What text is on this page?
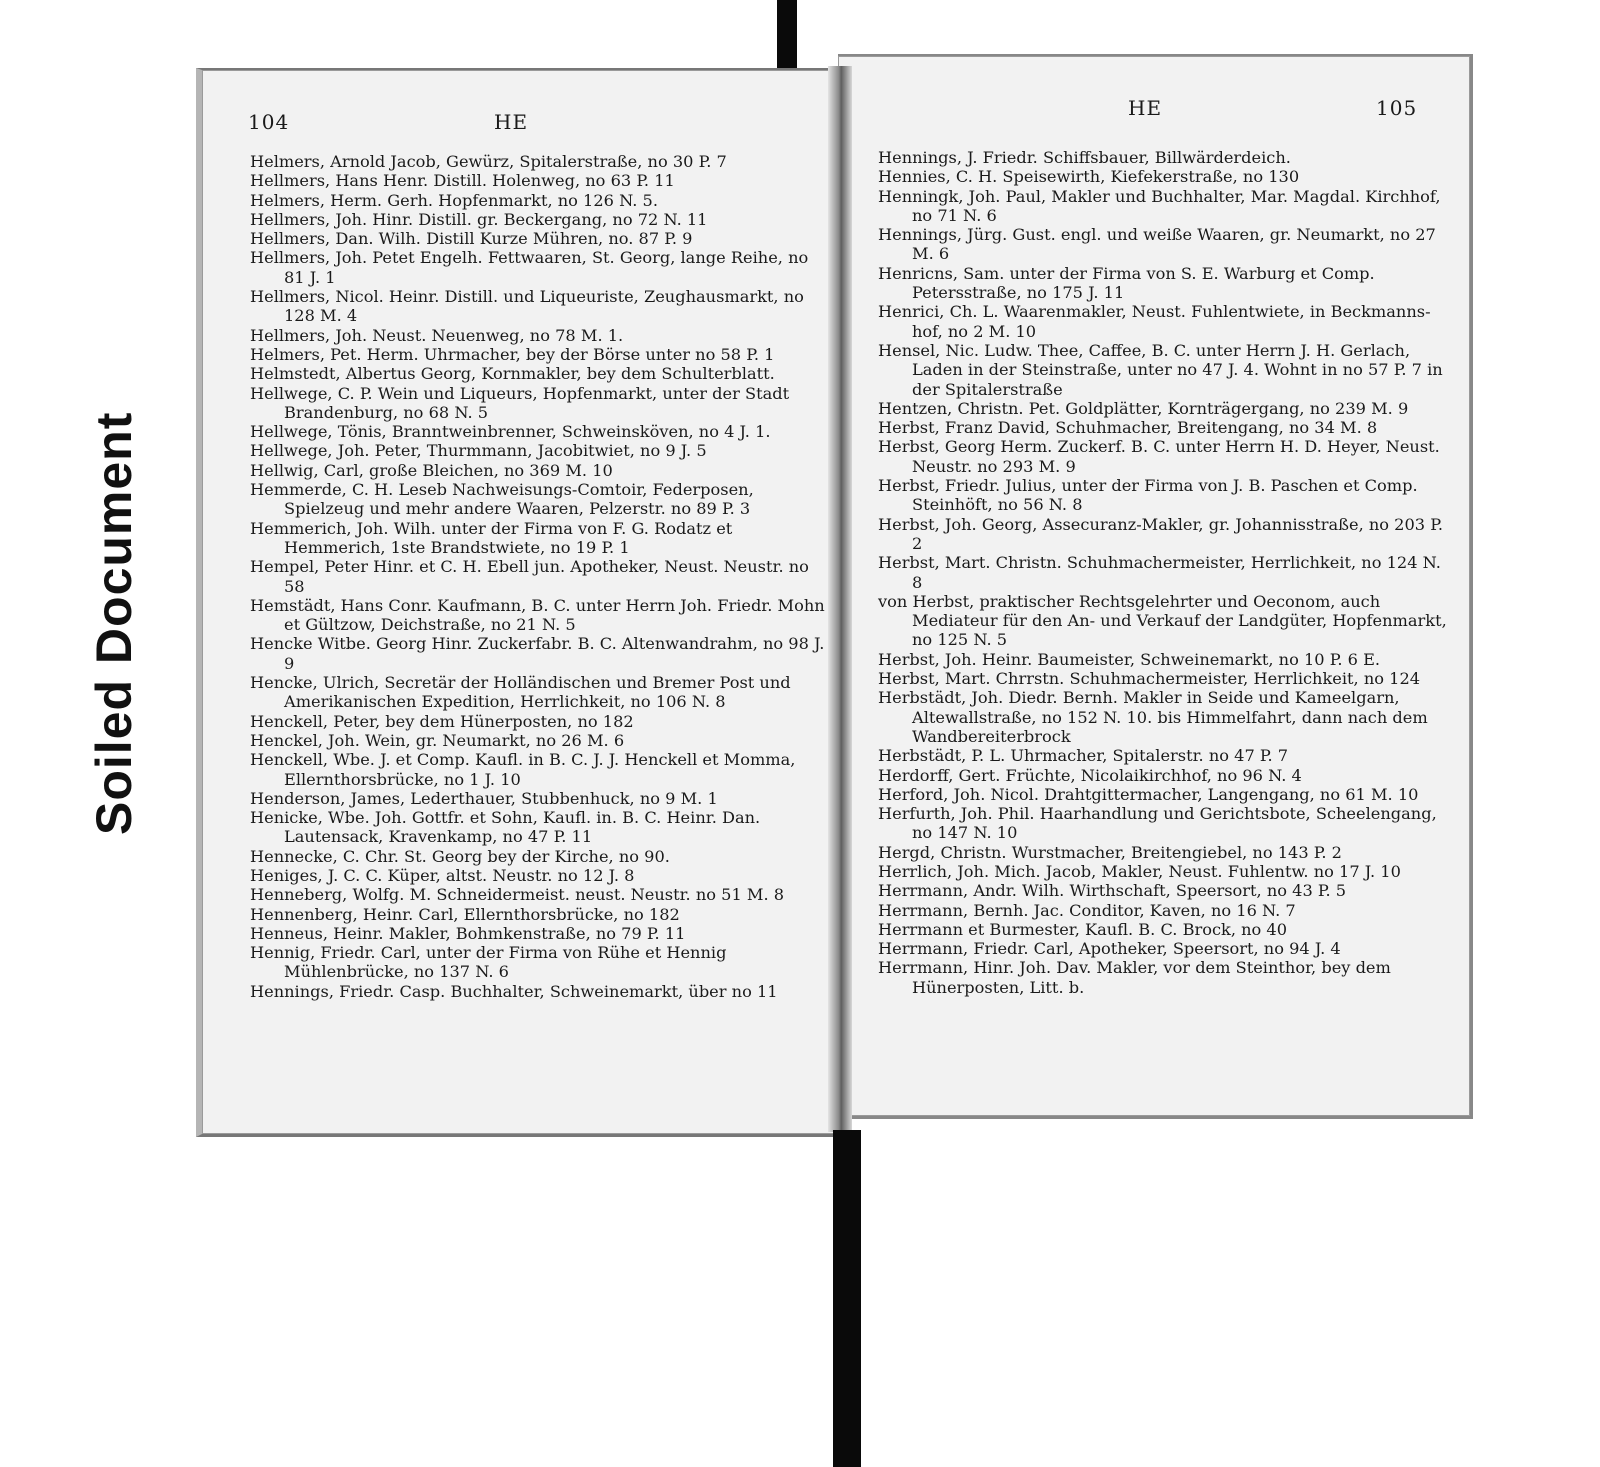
Soiled Document
104	HE
Helmers, Arnold Jacob, Gewürz, Spitalerstraße, no 30 P. 7
Hellmers, Hans Henr. Distill. Holenweg, no 63 P. 11
Helmers, Herm. Gerh. Hopfenmarkt, no 126 N. 5.
Hellmers, Joh. Hinr. Distill. gr. Beckergang, no 72 N. 11
Hellmers, Dan. Wilh. Distill Kurze Mühren, no. 87 P. 9
Hellmers, Joh. Petet Engelh. Fettwaaren, St. Georg, lange Reihe, no 81 J. 1
Hellmers, Nicol. Heinr. Distill. und Liqueuriste, Zeughausmarkt, no 128 M. 4
Hellmers, Joh. Neust. Neuenweg, no 78 M. 1.
Helmers, Pet. Herm. Uhrmacher, bey der Börse unter no 58 P. 1
Helmstedt, Albertus Georg, Kornmakler, bey dem Schulterblatt.
Hellwege, C. P. Wein und Liqueurs, Hopfenmarkt, unter der Stadt Brandenburg, no 68 N. 5
Hellwege, Tönis, Branntweinbrenner, Schweinsköven, no 4 J. 1.
Hellwege, Joh. Peter, Thurmmann, Jacobitwiet, no 9 J. 5
Hellwig, Carl, große Bleichen, no 369 M. 10
Hemmerde, C. H. Leseb Nachweisungs-Comtoir, Federposen, Spielzeug und mehr andere Waaren, Pelzerstr. no 89 P. 3
Hemmerich, Joh. Wilh. unter der Firma von F. G. Rodatz et Hemmerich, 1ste Brandstwiete, no 19 P. 1
Hempel, Peter Hinr. et C. H. Ebell jun. Apotheker, Neust. Neustr. no 58
Hemstädt, Hans Conr. Kaufmann, B. C. unter Herrn Joh. Friedr. Mohn et Gültzow, Deichstraße, no 21 N. 5
Hencke Witbe. Georg Hinr. Zuckerfabr. B. C. Altenwandrahm, no 98 J. 9
Hencke, Ulrich, Secretär der Holländischen und Bremer Post und Amerikanischen Expedition, Herrlichkeit, no 106 N. 8
Henckell, Peter, bey dem Hünerposten, no 182
Henckel, Joh. Wein, gr. Neumarkt, no 26 M. 6
Henckell, Wbe. J. et Comp. Kaufl. in B. C. J. J. Henckell et Momma, Ellernthorsbrücke, no 1 J. 10
Henderson, James, Lederthauer, Stubbenhuck, no 9 M. 1
Henicke, Wbe. Joh. Gottfr. et Sohn, Kaufl. in. B. C. Heinr. Dan. Lautensack, Kravenkamp, no 47 P. 11
Hennecke, C. Chr. St. Georg bey der Kirche, no 90.
Heniges, J. C. C. Küper, altst. Neustr. no 12 J. 8
Henneberg, Wolfg. M. Schneidermeist. neust. Neustr. no 51 M. 8
Hennenberg, Heinr. Carl, Ellernthorsbrücke, no 182
Henneus, Heinr. Makler, Bohmkenstraße, no 79 P. 11
Hennig, Friedr. Carl, unter der Firma von Rühe et Hennig Mühlenbrücke, no 137 N. 6
Hennings, Friedr. Casp. Buchhalter, Schweinemarkt, über no 11
HE	105
Hennings, J. Friedr. Schiffsbauer, Billwärderdeich.
Hennies, C. H. Speisewirth, Kiefekerstraße, no 130
Henningk, Joh. Paul, Makler und Buchhalter, Mar. Magdal. Kirchhof, no 71 N. 6
Hennings, Jürg. Gust. engl. und weiße Waaren, gr. Neumarkt, no 27 M. 6
Henricns, Sam. unter der Firma von S. E. Warburg et Comp. Petersstraße, no 175 J. 11
Henrici, Ch. L. Waarenmakler, Neust. Fuhlentwiete, in Beckmanns-hof, no 2 M. 10
Hensel, Nic. Ludw. Thee, Caffee, B. C. unter Herrn J. H. Gerlach, Laden in der Steinstraße, unter no 47 J. 4. Wohnt in no 57 P. 7 in der Spitalerstraße
Hentzen, Christn. Pet. Goldplätter, Kornträgergang, no 239 M. 9
Herbst, Franz David, Schuhmacher, Breitengang, no 34 M. 8
Herbst, Georg Herm. Zuckerf. B. C. unter Herrn H. D. Heyer, Neust. Neustr. no 293 M. 9
Herbst, Friedr. Julius, unter der Firma von J. B. Paschen et Comp. Steinhöft, no 56 N. 8
Herbst, Joh. Georg, Assecuranz-Makler, gr. Johannisstraße, no 203 P. 2
Herbst, Mart. Christn. Schuhmachermeister, Herrlichkeit, no 124 N. 8
von Herbst, praktischer Rechtsgelehrter und Oeconom, auch Mediateur für den An- und Verkauf der Landgüter, Hopfenmarkt, no 125 N. 5
Herbst, Joh. Heinr. Baumeister, Schweinemarkt, no 10 P. 6 E.
Herbst, Mart. Chrrstn. Schuhmachermeister, Herrlichkeit, no 124
Herbstädt, Joh. Diedr. Bernh. Makler in Seide und Kameelgarn, Altewallstraße, no 152 N. 10. bis Himmelfahrt, dann nach dem Wandbereiterbrock
Herbstädt, P. L. Uhrmacher, Spitalerstr. no 47 P. 7
Herdorff, Gert. Früchte, Nicolaikirchhof, no 96 N. 4
Herford, Joh. Nicol. Drahtgittermacher, Langengang, no 61 M. 10
Herfurth, Joh. Phil. Haarhandlung und Gerichtsbote, Scheelengang, no 147 N. 10
Hergd, Christn. Wurstmacher, Breitengiebel, no 143 P. 2
Herrlich, Joh. Mich. Jacob, Makler, Neust. Fuhlentw. no 17 J. 10
Herrmann, Andr. Wilh. Wirthschaft, Speersort, no 43 P. 5
Herrmann, Bernh. Jac. Conditor, Kaven, no 16 N. 7
Herrmann et Burmester, Kaufl. B. C. Brock, no 40
Herrmann, Friedr. Carl, Apotheker, Speersort, no 94 J. 4
Herrmann, Hinr. Joh. Dav. Makler, vor dem Steinthor, bey dem Hünerposten, Litt. b.
